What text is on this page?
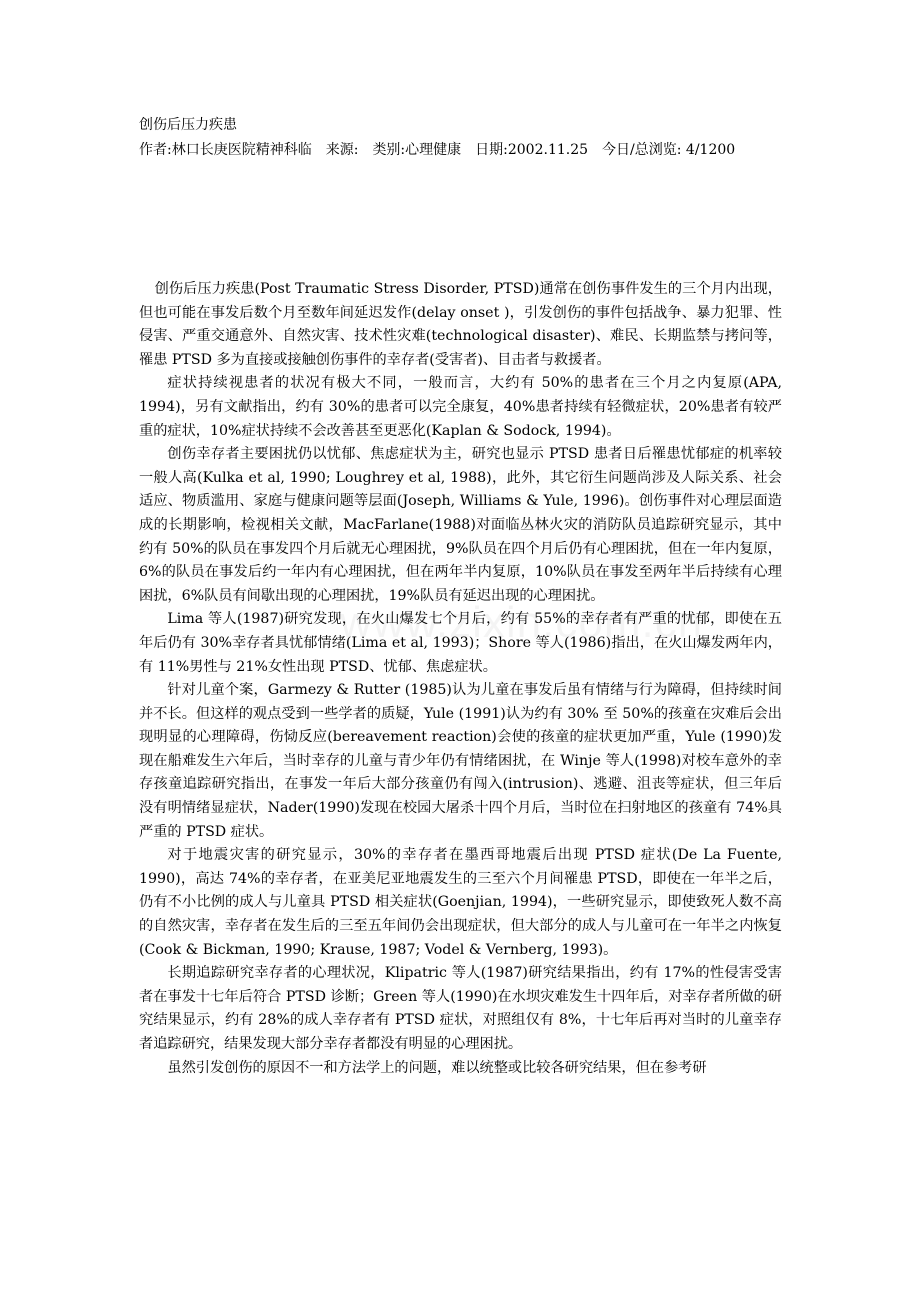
创伤后压力疾患
作者:林口长庚医院精神科临 来源: 类别:心理健康 日期:2002.11.25 今日/总浏览: 4/1200

创伤后压力疾患(Post Traumatic Stress Disorder, PTSD)通常在创伤事件发生的三个月内出现，但也可能在事发后数个月至数年间延迟发作(delay onset )，引发创伤的事件包括战争、暴力犯罪、性侵害、严重交通意外、自然灾害、技术性灾难(technological disaster)、难民、长期监禁与拷问等，罹患 PTSD 多为直接或接触创伤事件的幸存者(受害者)、目击者与救援者。

症状持续视患者的状况有极大不同，一般而言，大约有 50%的患者在三个月之内复原(APA, 1994)，另有文献指出，约有 30%的患者可以完全康复，40%患者持续有轻微症状，20%患者有较严重的症状，10%症状持续不会改善甚至更恶化(Kaplan & Sodock, 1994)。

创伤幸存者主要困扰仍以忧郁、焦虑症状为主，研究也显示 PTSD 患者日后罹患忧郁症的机率较一般人高(Kulka et al, 1990; Loughrey et al, 1988)，此外，其它衍生问题尚涉及人际关系、社会适应、物质滥用、家庭与健康问题等层面(Joseph, Williams & Yule, 1996)。创伤事件对心理层面造成的长期影响，检视相关文献，MacFarlane(1988)对面临丛林火灾的消防队员追踪研究显示，其中约有 50%的队员在事发四个月后就无心理困扰，9%队员在四个月后仍有心理困扰，但在一年内复原，6%的队员在事发后约一年内有心理困扰，但在两年半内复原，10%队员在事发至两年半后持续有心理困扰，6%队员有间歇出现的心理困扰，19%队员有延迟出现的心理困扰。

Lima 等人(1987)研究发现，在火山爆发七个月后，约有 55%的幸存者有严重的忧郁，即使在五年后仍有 30%幸存者具忧郁情绪(Lima et al, 1993)；Shore 等人(1986)指出，在火山爆发两年内，有 11%男性与 21%女性出现 PTSD、忧郁、焦虑症状。

针对儿童个案，Garmezy & Rutter (1985)认为儿童在事发后虽有情绪与行为障碍，但持续时间并不长。但这样的观点受到一些学者的质疑，Yule (1991)认为约有 30% 至 50%的孩童在灾难后会出现明显的心理障碍，伤恸反应(bereavement reaction)会使的孩童的症状更加严重，Yule (1990)发现在船难发生六年后，当时幸存的儿童与青少年仍有情绪困扰，在 Winje 等人(1998)对校车意外的幸存孩童追踪研究指出，在事发一年后大部分孩童仍有闯入(intrusion)、逃避、沮丧等症状，但三年后没有明情绪显症状，Nader(1990)发现在校园大屠杀十四个月后，当时位在扫射地区的孩童有 74%具严重的 PTSD 症状。

对于地震灾害的研究显示，30%的幸存者在墨西哥地震后出现 PTSD 症状(De La Fuente, 1990)，高达 74%的幸存者，在亚美尼亚地震发生的三至六个月间罹患 PTSD，即使在一年半之后，仍有不小比例的成人与儿童具 PTSD 相关症状(Goenjian, 1994)，一些研究显示，即使致死人数不高的自然灾害，幸存者在发生后的三至五年间仍会出现症状，但大部分的成人与儿童可在一年半之内恢复(Cook & Bickman, 1990; Krause, 1987; Vodel & Vernberg, 1993)。

长期追踪研究幸存者的心理状况，Klipatric 等人(1987)研究结果指出，约有 17%的性侵害受害者在事发十七年后符合 PTSD 诊断；Green 等人(1990)在水坝灾难发生十四年后，对幸存者所做的研究结果显示，约有 28%的成人幸存者有 PTSD 症状，对照组仅有 8%，十七年后再对当时的儿童幸存者追踪研究，结果发现大部分幸存者都没有明显的心理困扰。

虽然引发创伤的原因不一和方法学上的问题，难以统整或比较各研究结果，但在参考研
